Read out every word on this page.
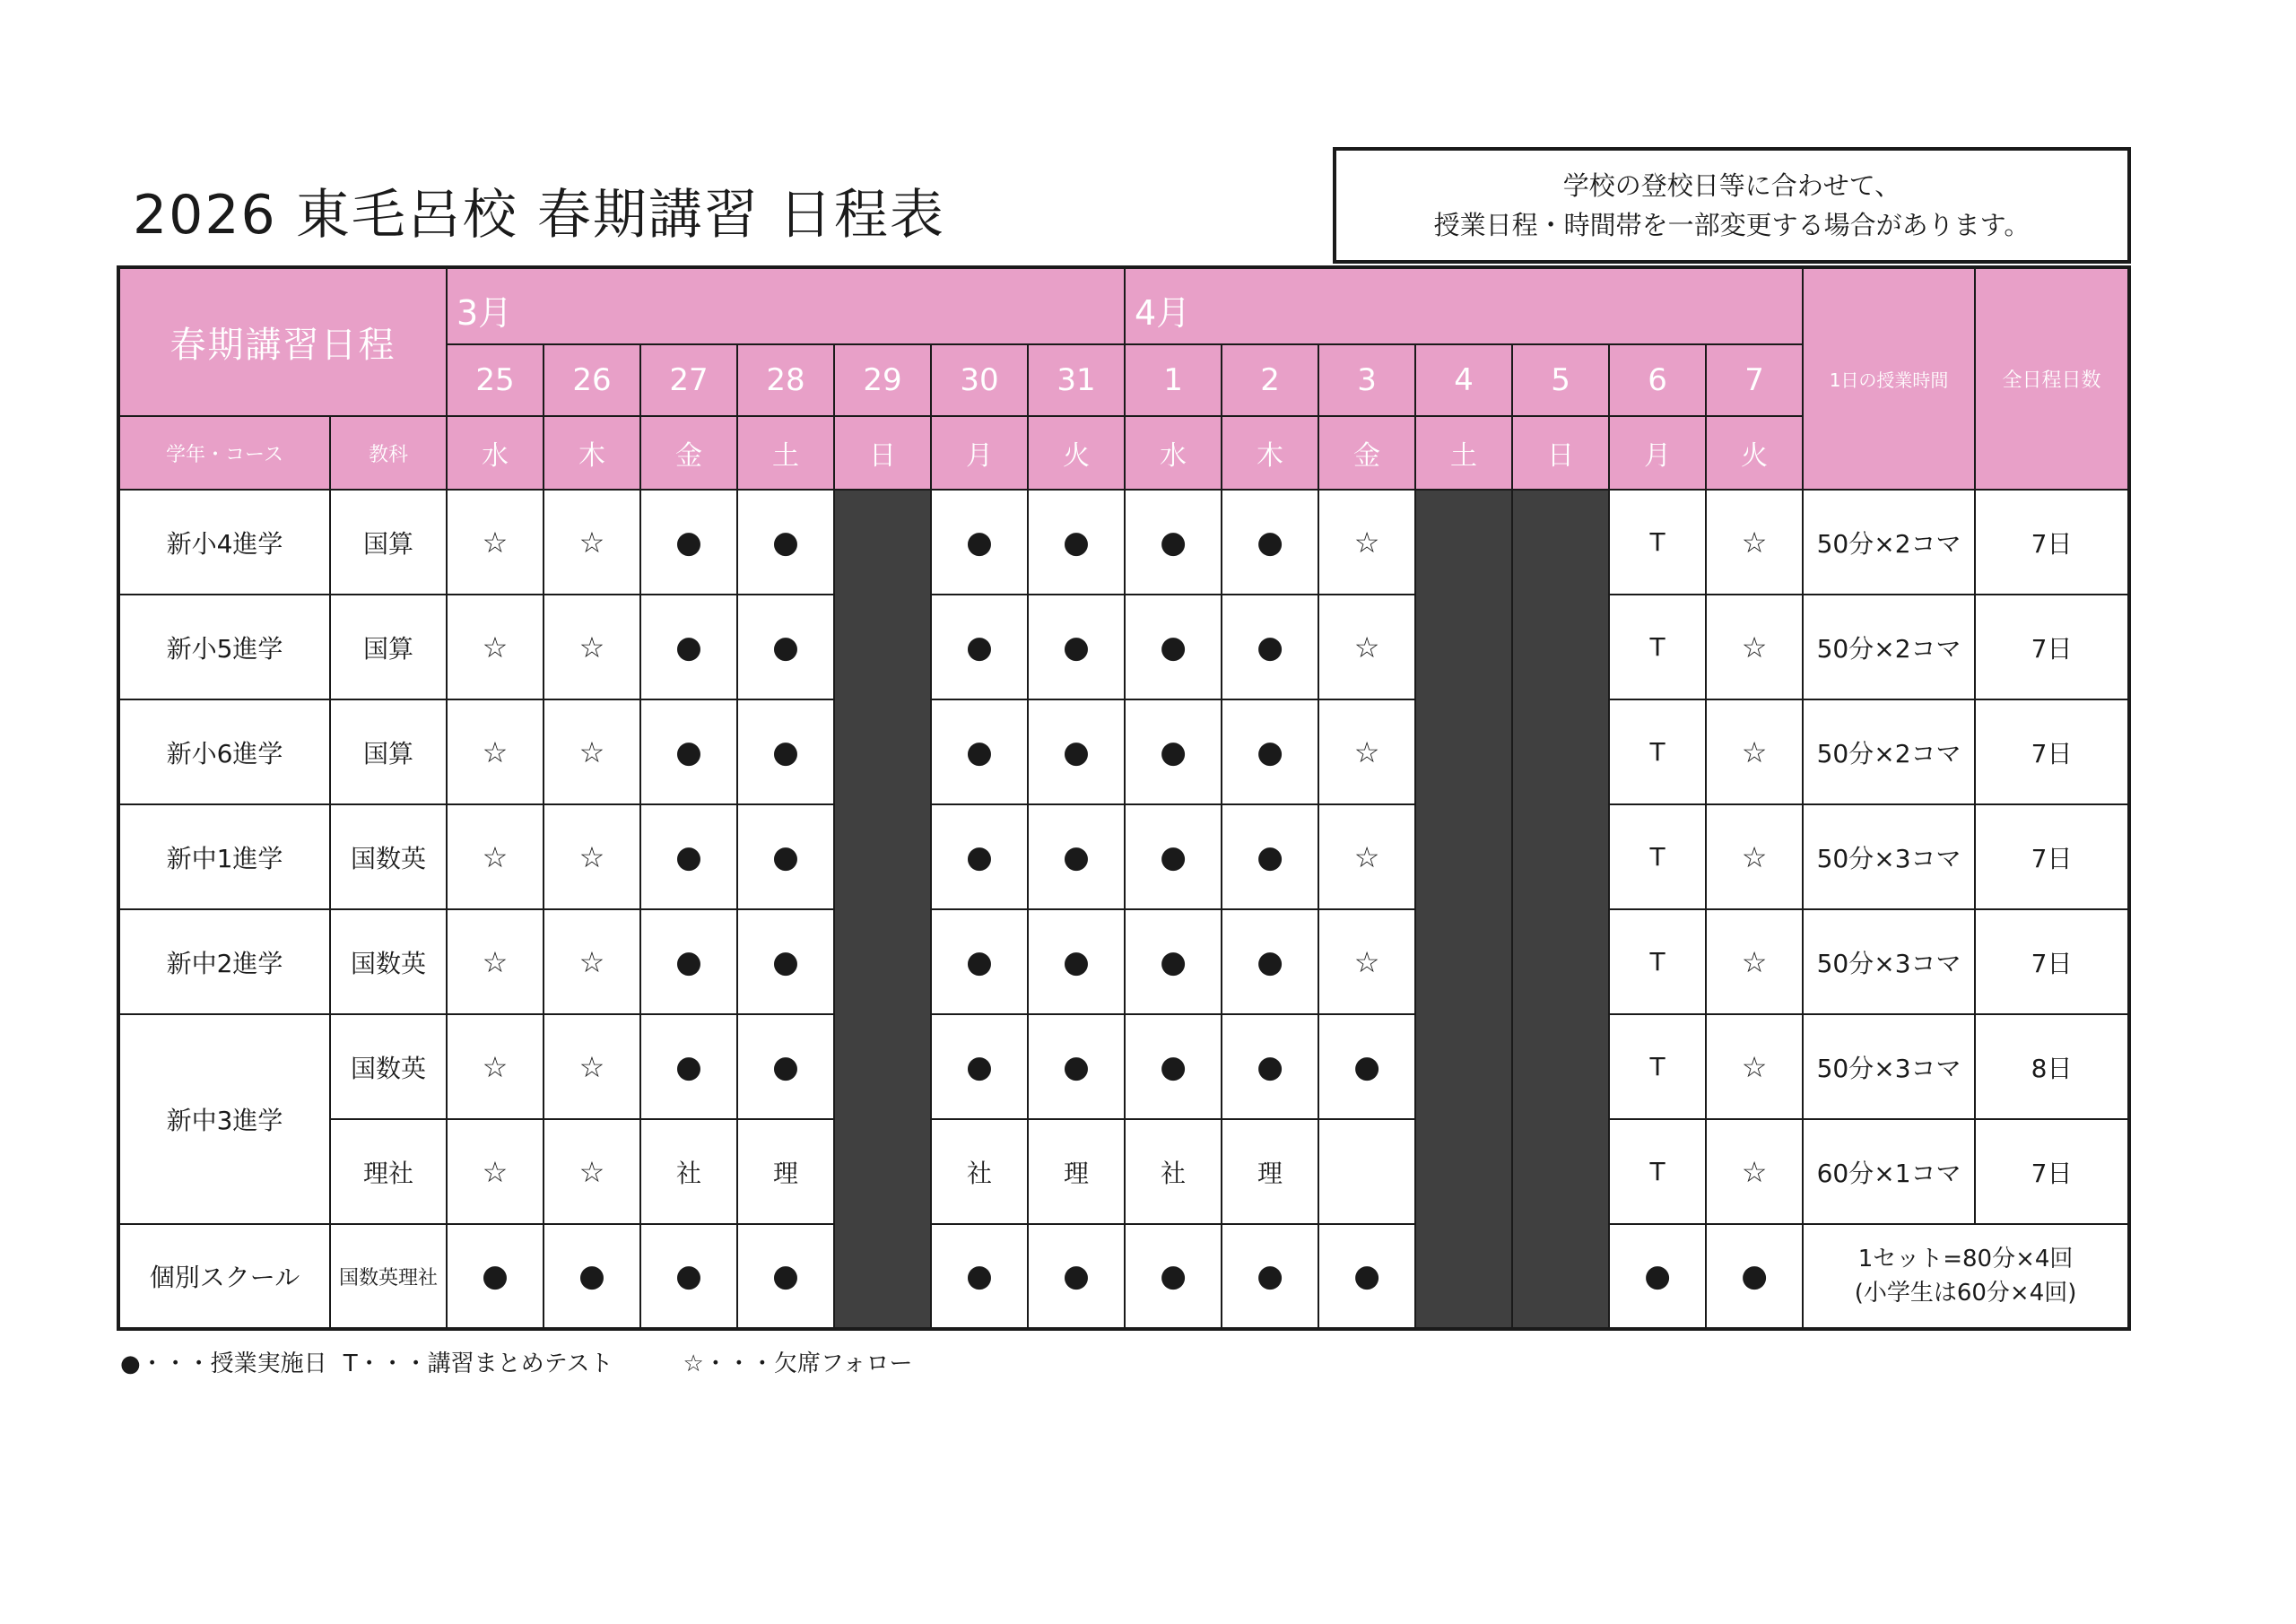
2026 東毛呂校 春期講習 日程表	学校の登校日等に合わせて、
授業日程・時間帯を一部変更する場合があります。
春期講習日程		3月							4月							1日の授業時間	全日程日数
		25	26	27	28	29	30	31	1	2	3	4	5	6	7		
学年・コース	教科	水	木	金	土	日	月	火	水	木	金	土	日	月	火		
新小4進学	国算	☆	☆	●	●		●	●	●	●	☆			T	☆	50分×2コマ	7日
新小5進学	国算	☆	☆	●	●		●	●	●	●	☆			T	☆	50分×2コマ	7日
新小6進学	国算	☆	☆	●	●		●	●	●	●	☆			T	☆	50分×2コマ	7日
新中1進学	国数英	☆	☆	●	●		●	●	●	●	☆			T	☆	50分×3コマ	7日
新中2進学	国数英	☆	☆	●	●		●	●	●	●	☆			T	☆	50分×3コマ	7日
新中3進学	国数英	☆	☆	●	●		●	●	●	●	●			T	☆	50分×3コマ	8日
	理社	☆	☆	社	理		社	理	社	理				T	☆	60分×1コマ	7日
個別スクール	国数英理社	●	●	●	●		●	●	●	●	●			●	●	1セット=80分×4回
(小学生は60分×4回)	
●・・・授業実施日 T・・・講習まとめテスト	☆・・・欠席フォロー
